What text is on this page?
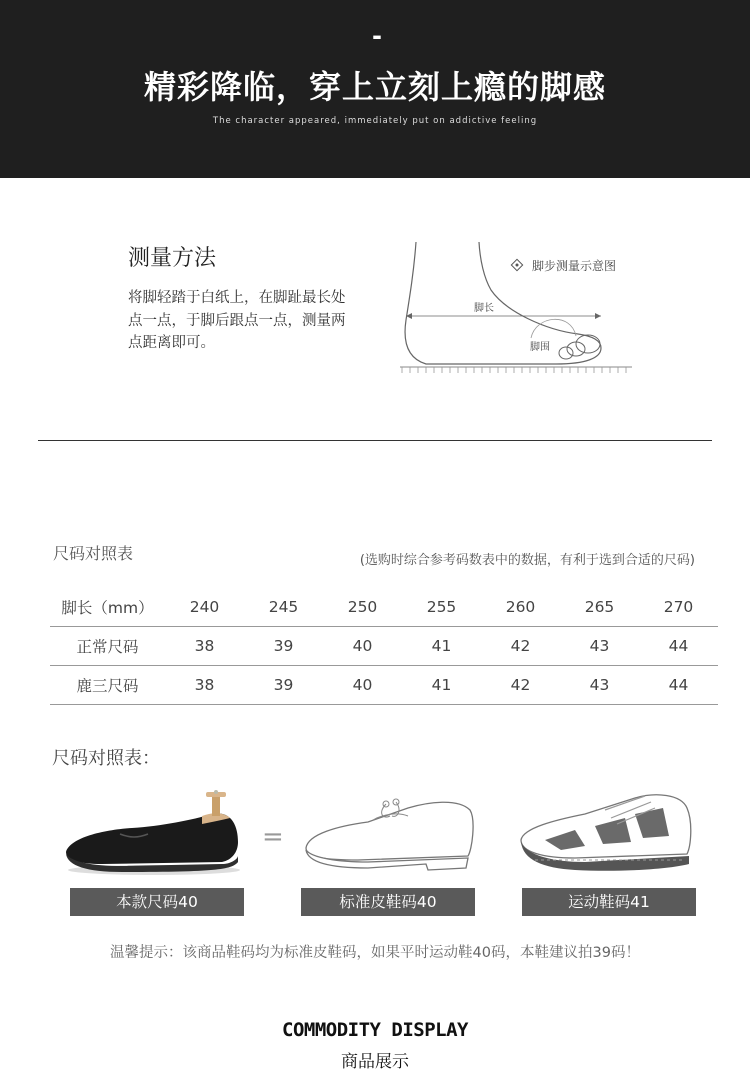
-
精彩降临，穿上立刻上瘾的脚感
The character appeared, immediately put on addictive feeling
测量方法
将脚轻踏于白纸上，在脚趾最长处点一点，于脚后跟点一点，测量两点距离即可。
脚步测量示意图
脚长
脚围
尺码对照表	(选购时综合参考码数表中的数据，有利于选到合适的尺码)
脚长（mm）	240	245	250	255	260	265	270
正常尺码	38	39	40	41	42	43	44
鹿三尺码	38	39	40	41	42	43	44
尺码对照表：
=
本款尺码40	标准皮鞋码40	运动鞋码41
温馨提示：该商品鞋码均为标准皮鞋码，如果平时运动鞋40码，本鞋建议拍39码！
COMMODITY DISPLAY
商品展示
